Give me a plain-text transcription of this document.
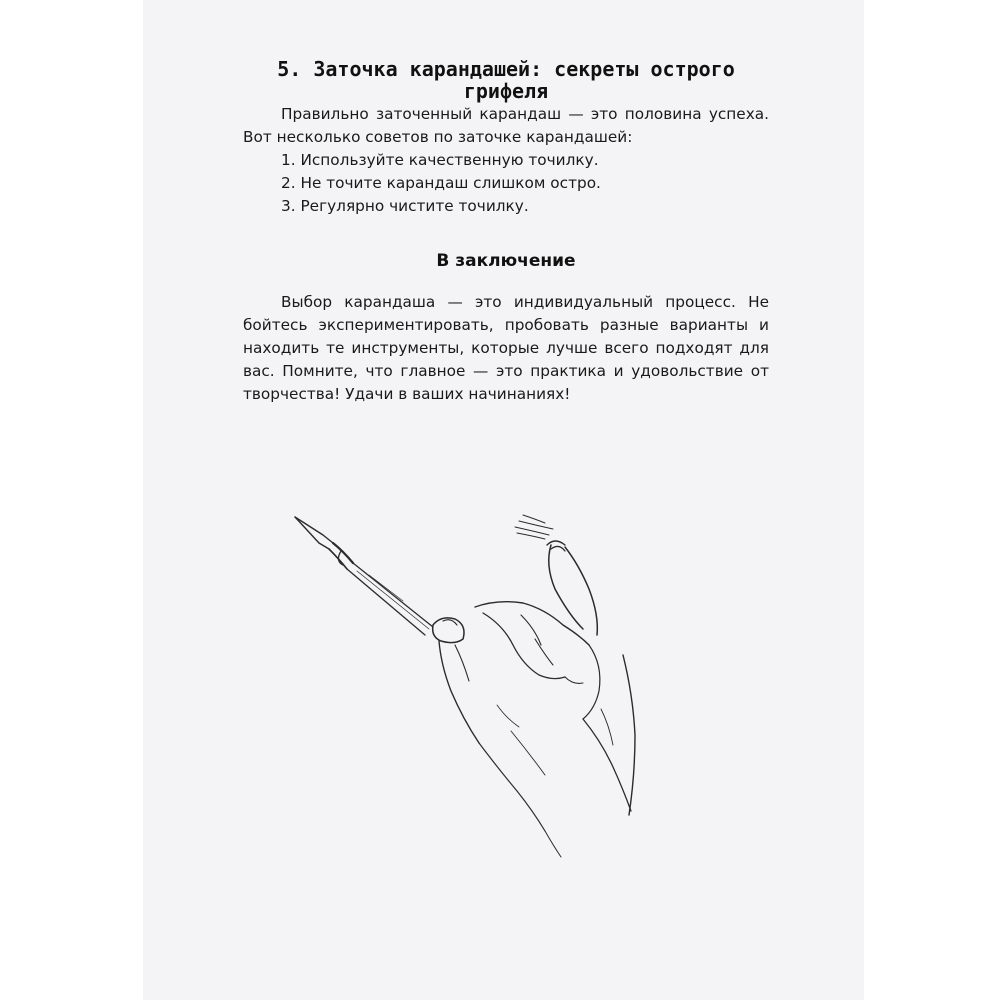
5. Заточка карандашей: секреты острого
грифеля

Правильно заточенный карандаш — это половина успеха. Вот несколько советов по заточке карандашей:

1. Используйте качественную точилку.
2. Не точите карандаш слишком остро.
3. Регулярно чистите точилку.
В заключение

Выбор карандаша — это индивидуальный процесс. Не бойтесь экспериментировать, пробовать разные варианты и находить те инструменты, которые лучше всего подходят для вас. Помните, что главное — это практика и удовольствие от творчества! Удачи в ваших начинаниях!
